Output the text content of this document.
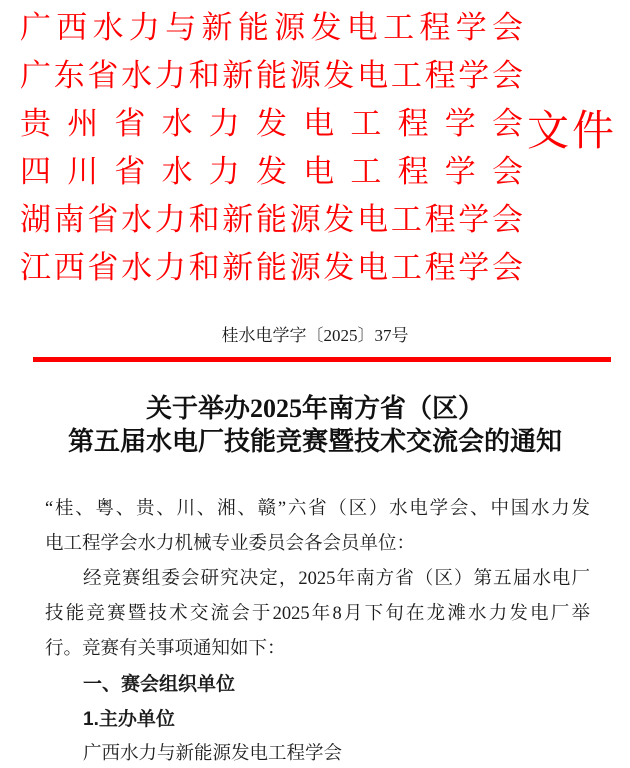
广西水力与新能源发电工程学会
广东省水力和新能源发电工程学会
贵州省水力发电工程学会
四川省水力发电工程学会
湖南省水力和新能源发电工程学会
江西省水力和新能源发电工程学会
文件
桂水电学字〔2025〕37号
关于举办2025年南方省（区）
第五届水电厂技能竞赛暨技术交流会的通知
“桂、粤、贵、川、湘、赣”六省（区）水电学会、中国水力发
电工程学会水力机械专业委员会各会员单位：
经竞赛组委会研究决定，2025年南方省（区）第五届水电厂
技能竞赛暨技术交流会于2025年8月下旬在龙滩水力发电厂举
行。竞赛有关事项通知如下：
一、赛会组织单位
1.主办单位
广西水力与新能源发电工程学会
